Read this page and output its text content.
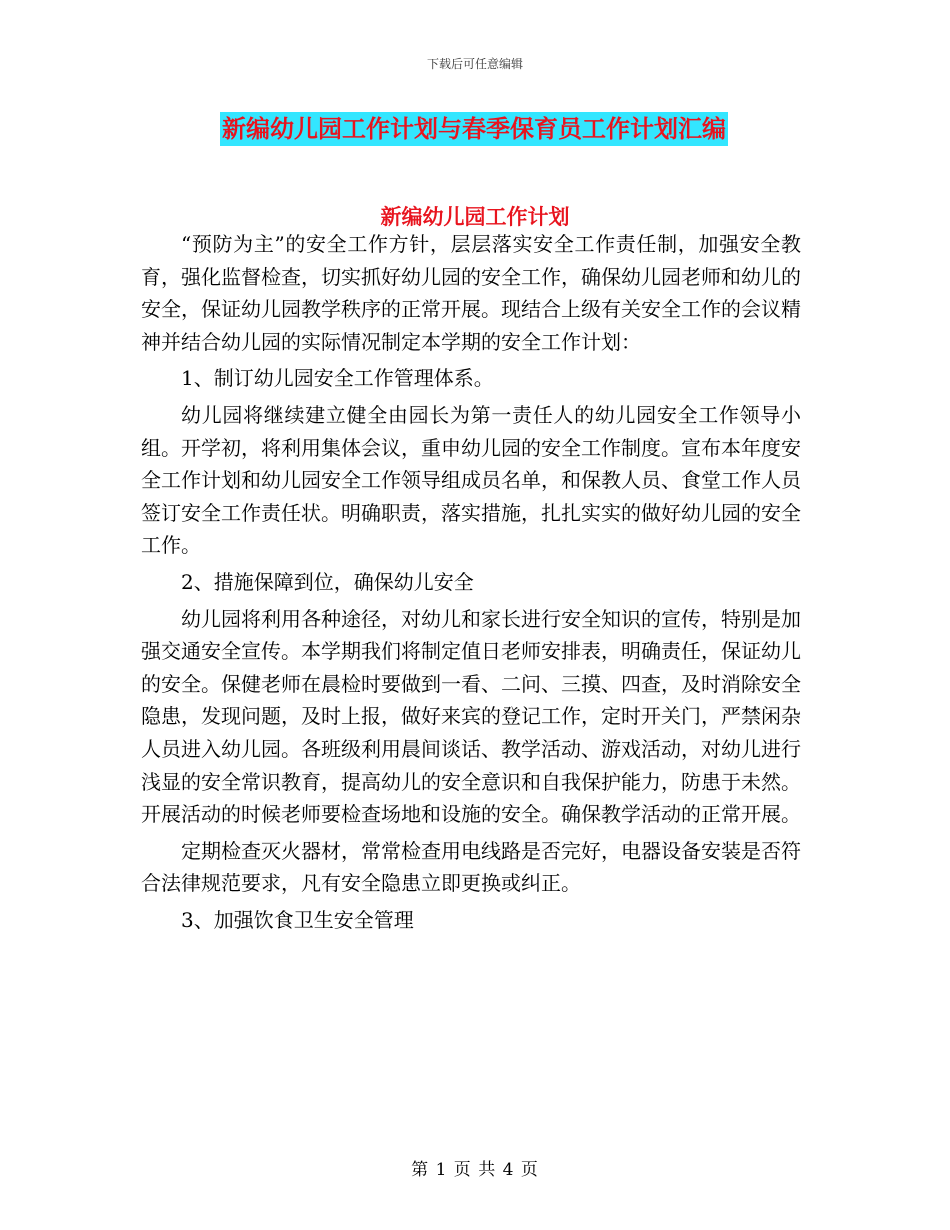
下载后可任意编辑
新编幼儿园工作计划与春季保育员工作计划汇编
新编幼儿园工作计划

“预防为主”的安全工作方针，层层落实安全工作责任制，加强安全教育，强化监督检查，切实抓好幼儿园的安全工作，确保幼儿园老师和幼儿的安全，保证幼儿园教学秩序的正常开展。现结合上级有关安全工作的会议精神并结合幼儿园的实际情况制定本学期的安全工作计划：

1、制订幼儿园安全工作管理体系。

幼儿园将继续建立健全由园长为第一责任人的幼儿园安全工作领导小组。开学初，将利用集体会议，重申幼儿园的安全工作制度。宣布本年度安全工作计划和幼儿园安全工作领导组成员名单，和保教人员、食堂工作人员签订安全工作责任状。明确职责，落实措施，扎扎实实的做好幼儿园的安全工作。

2、措施保障到位，确保幼儿安全

幼儿园将利用各种途径，对幼儿和家长进行安全知识的宣传，特别是加强交通安全宣传。本学期我们将制定值日老师安排表，明确责任，保证幼儿的安全。保健老师在晨检时要做到一看、二问、三摸、四查，及时消除安全隐患，发现问题，及时上报，做好来宾的登记工作，定时开关门，严禁闲杂人员进入幼儿园。各班级利用晨间谈话、教学活动、游戏活动，对幼儿进行浅显的安全常识教育，提高幼儿的安全意识和自我保护能力，防患于未然。开展活动的时候老师要检查场地和设施的安全。确保教学活动的正常开展。

定期检查灭火器材，常常检查用电线路是否完好，电器设备安装是否符合法律规范要求，凡有安全隐患立即更换或纠正。

3、加强饮食卫生安全管理

第 1 页 共 4 页
